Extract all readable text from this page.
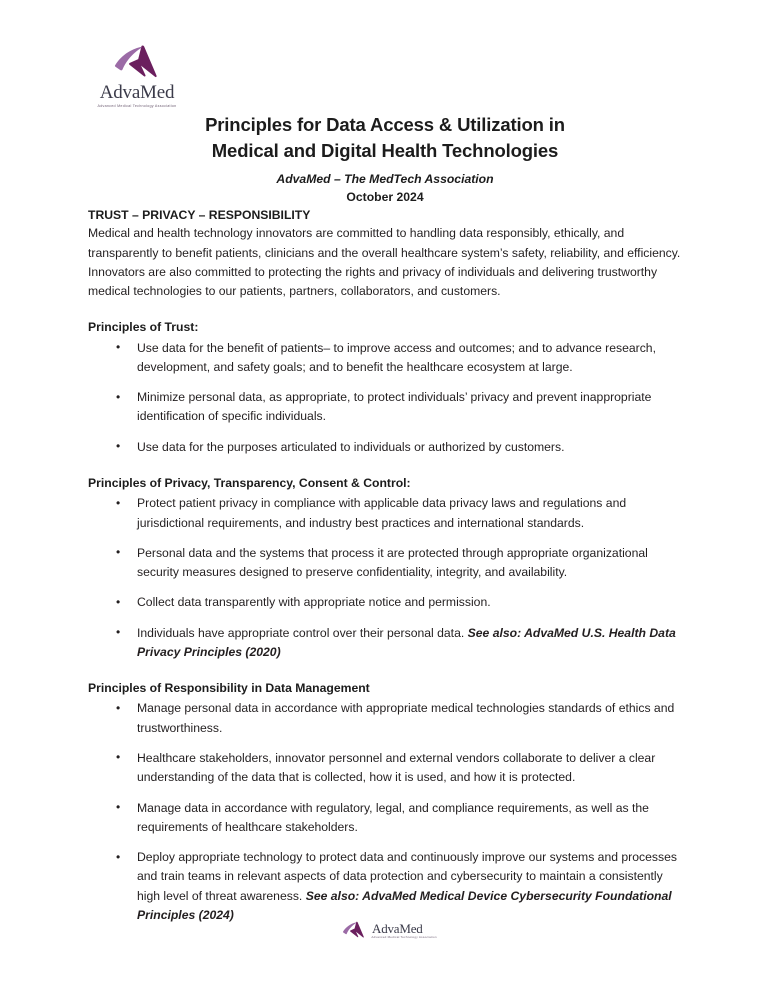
AdvaMed
Advanced Medical Technology Association
Principles for Data Access & Utilization in
Medical and Digital Health Technologies
AdvaMed – The MedTech Association
October 2024
TRUST – PRIVACY – RESPONSIBILITY

Medical and health technology innovators are committed to handling data responsibly, ethically, and transparently to benefit patients, clinicians and the overall healthcare system’s safety, reliability, and efficiency. Innovators are also committed to protecting the rights and privacy of individuals and delivering trustworthy medical technologies to our patients, partners, collaborators, and customers.

Principles of Trust:
• Use data for the benefit of patients– to improve access and outcomes; and to advance research, development, and safety goals; and to benefit the healthcare ecosystem at large.
• Minimize personal data, as appropriate, to protect individuals’ privacy and prevent inappropriate identification of specific individuals.
• Use data for the purposes articulated to individuals or authorized by customers.
Principles of Privacy, Transparency, Consent & Control:
• Protect patient privacy in compliance with applicable data privacy laws and regulations and jurisdictional requirements, and industry best practices and international standards.
• Personal data and the systems that process it are protected through appropriate organizational security measures designed to preserve confidentiality, integrity, and availability.
• Collect data transparently with appropriate notice and permission.
• Individuals have appropriate control over their personal data. See also: AdvaMed U.S. Health Data Privacy Principles (2020)
Principles of Responsibility in Data Management
• Manage personal data in accordance with appropriate medical technologies standards of ethics and trustworthiness.
• Healthcare stakeholders, innovator personnel and external vendors collaborate to deliver a clear understanding of the data that is collected, how it is used, and how it is protected.
• Manage data in accordance with regulatory, legal, and compliance requirements, as well as the requirements of healthcare stakeholders.
• Deploy appropriate technology to protect data and continuously improve our systems and processes and train teams in relevant aspects of data protection and cybersecurity to maintain a consistently high level of threat awareness. See also: AdvaMed Medical Device Cybersecurity Foundational Principles (2024)
AdvaMed
Advanced Medical Technology Association
